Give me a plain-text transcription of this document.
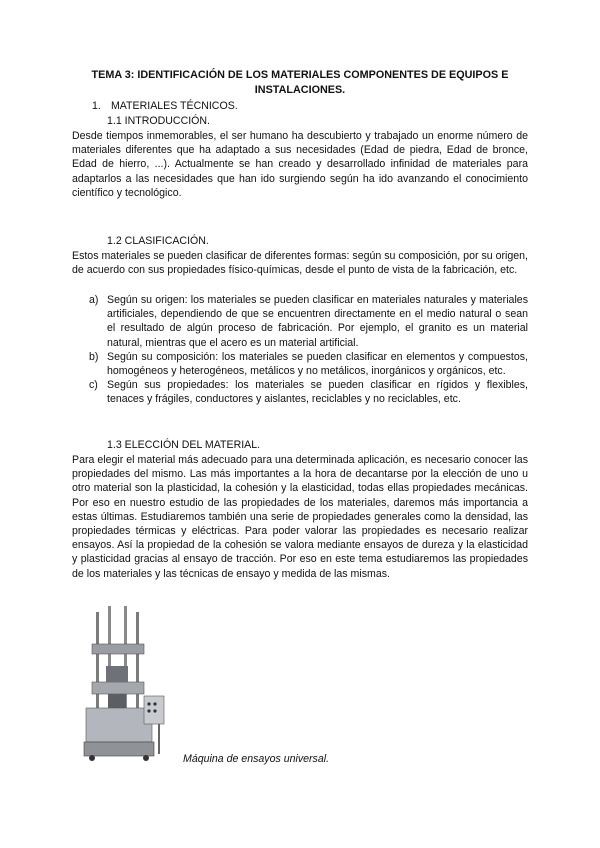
TEMA 3: IDENTIFICACIÓN DE LOS MATERIALES COMPONENTES DE EQUIPOS E INSTALACIONES.
1. MATERIALES TÉCNICOS.
1.1 INTRODUCCIÓN.
Desde tiempos inmemorables, el ser humano ha descubierto y trabajado un enorme número de materiales diferentes que ha adaptado a sus necesidades (Edad de piedra, Edad de bronce, Edad de hierro, ...). Actualmente se han creado y desarrollado infinidad de materiales para adaptarlos a las necesidades que han ido surgiendo según ha ido avanzando el conocimiento científico y tecnológico.
1.2 CLASIFICACIÓN.
Estos materiales se pueden clasificar de diferentes formas: según su composición, por su origen, de acuerdo con sus propiedades físico-químicas, desde el punto de vista de la fabricación, etc.
a) Según su origen: los materiales se pueden clasificar en materiales naturales y materiales artificiales, dependiendo de que se encuentren directamente en el medio natural o sean el resultado de algún proceso de fabricación. Por ejemplo, el granito es un material natural, mientras que el acero es un material artificial.
b) Según su composición: los materiales se pueden clasificar en elementos y compuestos, homogéneos y heterogéneos, metálicos y no metálicos, inorgánicos y orgánicos, etc.
c) Según sus propiedades: los materiales se pueden clasificar en rígidos y flexibles, tenaces y frágiles, conductores y aislantes, reciclables y no reciclables, etc.
1.3 ELECCIÓN DEL MATERIAL.
Para elegir el material más adecuado para una determinada aplicación, es necesario conocer las propiedades del mismo. Las más importantes a la hora de decantarse por la elección de uno u otro material son la plasticidad, la cohesión y la elasticidad, todas ellas propiedades mecánicas. Por eso en nuestro estudio de las propiedades de los materiales, daremos más importancia a estas últimas. Estudiaremos también una serie de propiedades generales como la densidad, las propiedades térmicas y eléctricas. Para poder valorar las propiedades es necesario realizar ensayos. Así la propiedad de la cohesión se valora mediante ensayos de dureza y la elasticidad y plasticidad gracias al ensayo de tracción. Por eso en este tema estudiaremos las propiedades de los materiales y las técnicas de ensayo y medida de las mismas.
Máquina de ensayos universal.
